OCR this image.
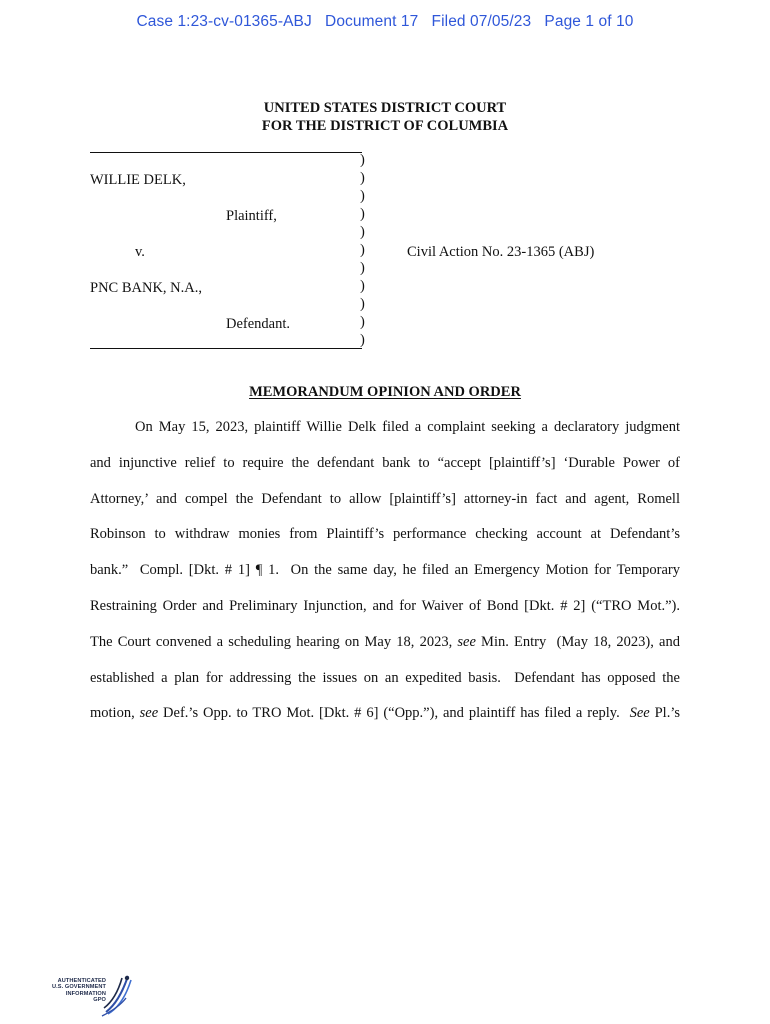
Case 1:23-cv-01365-ABJ   Document 17   Filed 07/05/23   Page 1 of 10
UNITED STATES DISTRICT COURT
FOR THE DISTRICT OF COLUMBIA
)
)
)
)
)
)
)
)
)
)
)
WILLIE DELK,
Plaintiff,
v.	Civil Action No. 23-1365 (ABJ)
PNC BANK, N.A.,
Defendant.
MEMORANDUM OPINION AND ORDER
On May 15, 2023, plaintiff Willie Delk filed a complaint seeking a declaratory judgment
and injunctive relief to require the defendant bank to “accept [plaintiff’s] ‘Durable Power of
Attorney,’ and compel the Defendant to allow [plaintiff’s] attorney-in fact and agent, Romell
Robinson to withdraw monies from Plaintiff’s performance checking account at Defendant’s
bank.”  Compl. [Dkt. # 1] ¶ 1.  On the same day, he filed an Emergency Motion for Temporary
Restraining Order and Preliminary Injunction, and for Waiver of Bond [Dkt. # 2] (“TRO Mot.”).
The Court convened a scheduling hearing on May 18, 2023, see Min. Entry  (May 18, 2023), and
established a plan for addressing the issues on an expedited basis.  Defendant has opposed the
motion, see Def.’s Opp. to TRO Mot. [Dkt. # 6] (“Opp.”), and plaintiff has filed a reply.  See Pl.’s
AUTHENTICATED
U.S. GOVERNMENT
INFORMATION
GPO
